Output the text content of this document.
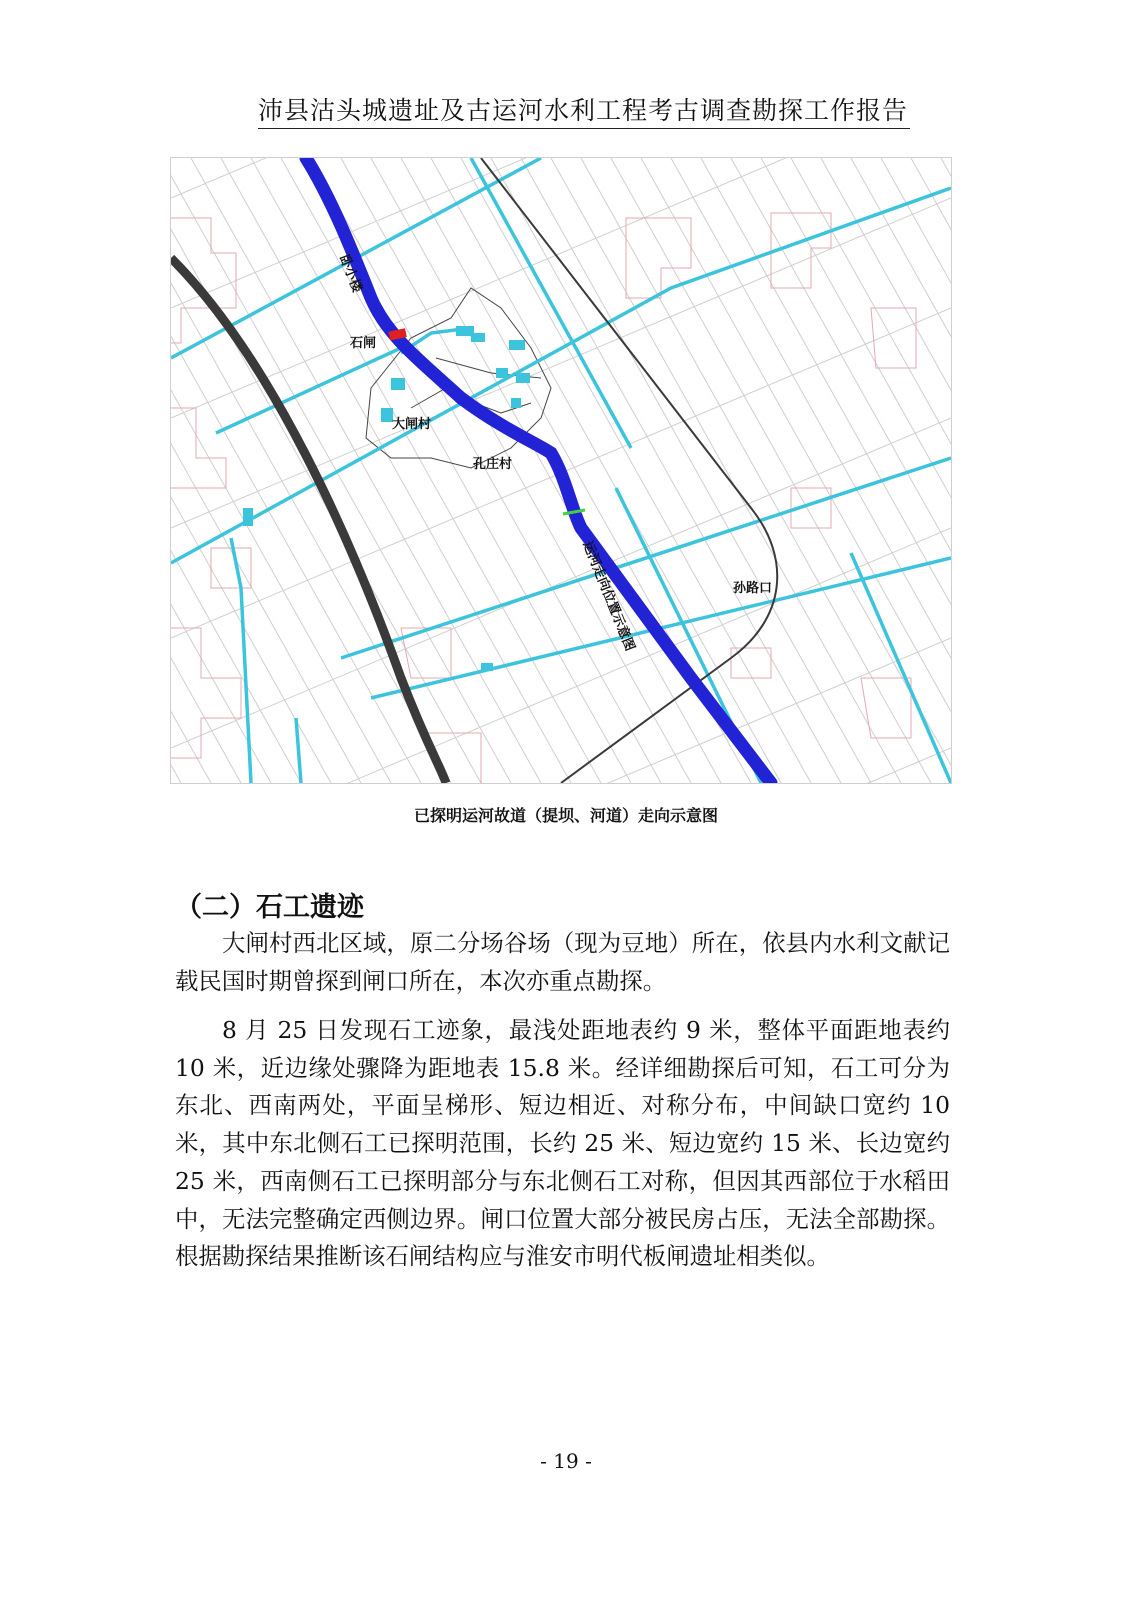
沛县沽头城遗址及古运河水利工程考古调查勘探工作报告
卧小楼
石闸
大闸村
孔庄村
运河走向位置示意图	孙路口
已探明运河故道（提坝、河道）走向示意图
（二）石工遗迹

大闸村西北区域，原二分场谷场（现为豆地）所在，依县内水利文献记载民国时期曾探到闸口所在，本次亦重点勘探。

8 月 25 日发现石工迹象，最浅处距地表约 9 米，整体平面距地表约 10 米，近边缘处骤降为距地表 15.8 米。经详细勘探后可知，石工可分为东北、西南两处，平面呈梯形、短边相近、对称分布，中间缺口宽约 10 米，其中东北侧石工已探明范围，长约 25 米、短边宽约 15 米、长边宽约 25 米，西南侧石工已探明部分与东北侧石工对称，但因其西部位于水稻田中，无法完整确定西侧边界。闸口位置大部分被民房占压，无法全部勘探。根据勘探结果推断该石闸结构应与淮安市明代板闸遗址相类似。

- 19 -
